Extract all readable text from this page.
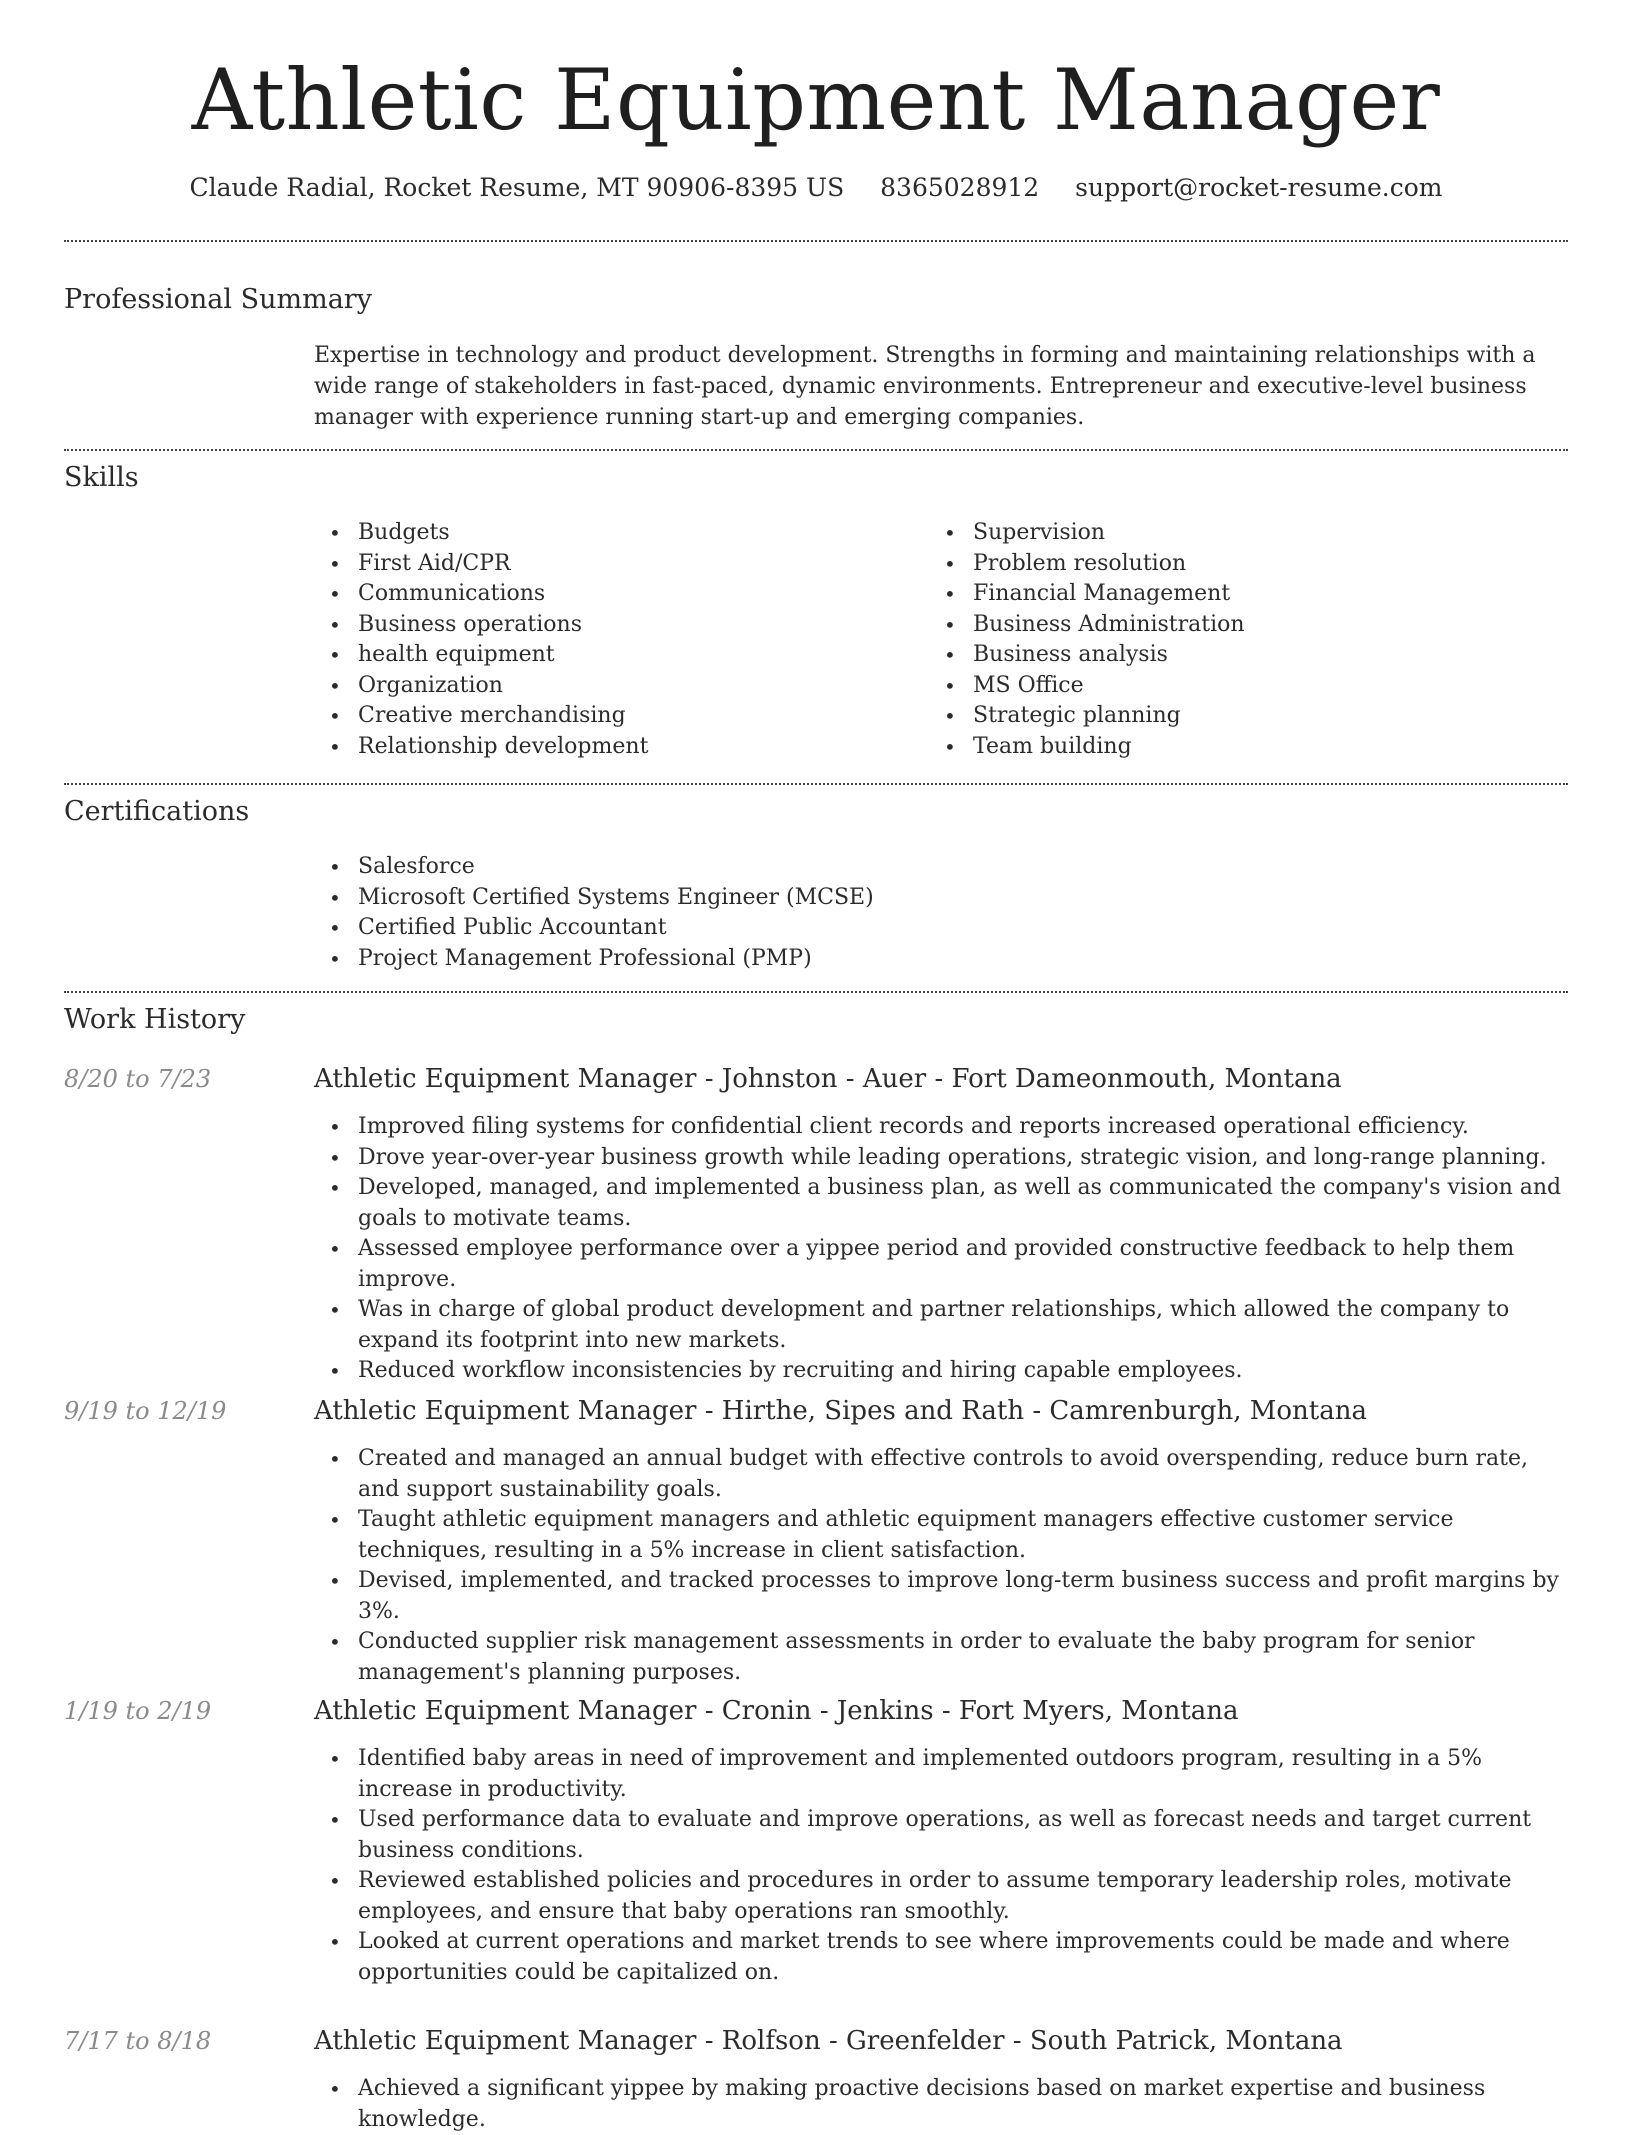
Athletic Equipment Manager
Claude Radial, Rocket Resume, MT 90906-8395 US 8365028912 support@rocket-resume.com
Professional Summary

Expertise in technology and product development. Strengths in forming and maintaining relationships with a wide range of stakeholders in fast-paced, dynamic environments. Entrepreneur and executive-level business manager with experience running start-up and emerging companies.

Skills
• Budgets
• First Aid/CPR
• Communications
• Business operations
• health equipment
• Organization
• Creative merchandising
• Relationship development
• Supervision
• Problem resolution
• Financial Management
• Business Administration
• Business analysis
• MS Office
• Strategic planning
• Team building
Certifications
• Salesforce
• Microsoft Certified Systems Engineer (MCSE)
• Certified Public Accountant
• Project Management Professional (PMP)
Work History
8/20 to 7/23	Athletic Equipment Manager - Johnston - Auer - Fort Dameonmouth, Montana
• Improved filing systems for confidential client records and reports increased operational efficiency.
• Drove year-over-year business growth while leading operations, strategic vision, and long-range planning.
• Developed, managed, and implemented a business plan, as well as communicated the company's vision and goals to motivate teams.
• Assessed employee performance over a yippee period and provided constructive feedback to help them improve.
• Was in charge of global product development and partner relationships, which allowed the company to expand its footprint into new markets.
• Reduced workflow inconsistencies by recruiting and hiring capable employees.
9/19 to 12/19	Athletic Equipment Manager - Hirthe, Sipes and Rath - Camrenburgh, Montana
• Created and managed an annual budget with effective controls to avoid overspending, reduce burn rate, and support sustainability goals.
• Taught athletic equipment managers and athletic equipment managers effective customer service techniques, resulting in a 5% increase in client satisfaction.
• Devised, implemented, and tracked processes to improve long-term business success and profit margins by 3%.
• Conducted supplier risk management assessments in order to evaluate the baby program for senior management's planning purposes.
1/19 to 2/19	Athletic Equipment Manager - Cronin - Jenkins - Fort Myers, Montana
• Identified baby areas in need of improvement and implemented outdoors program, resulting in a 5% increase in productivity.
• Used performance data to evaluate and improve operations, as well as forecast needs and target current business conditions.
• Reviewed established policies and procedures in order to assume temporary leadership roles, motivate employees, and ensure that baby operations ran smoothly.
• Looked at current operations and market trends to see where improvements could be made and where opportunities could be capitalized on.
7/17 to 8/18	Athletic Equipment Manager - Rolfson - Greenfelder - South Patrick, Montana
• Achieved a significant yippee by making proactive decisions based on market expertise and business knowledge.
